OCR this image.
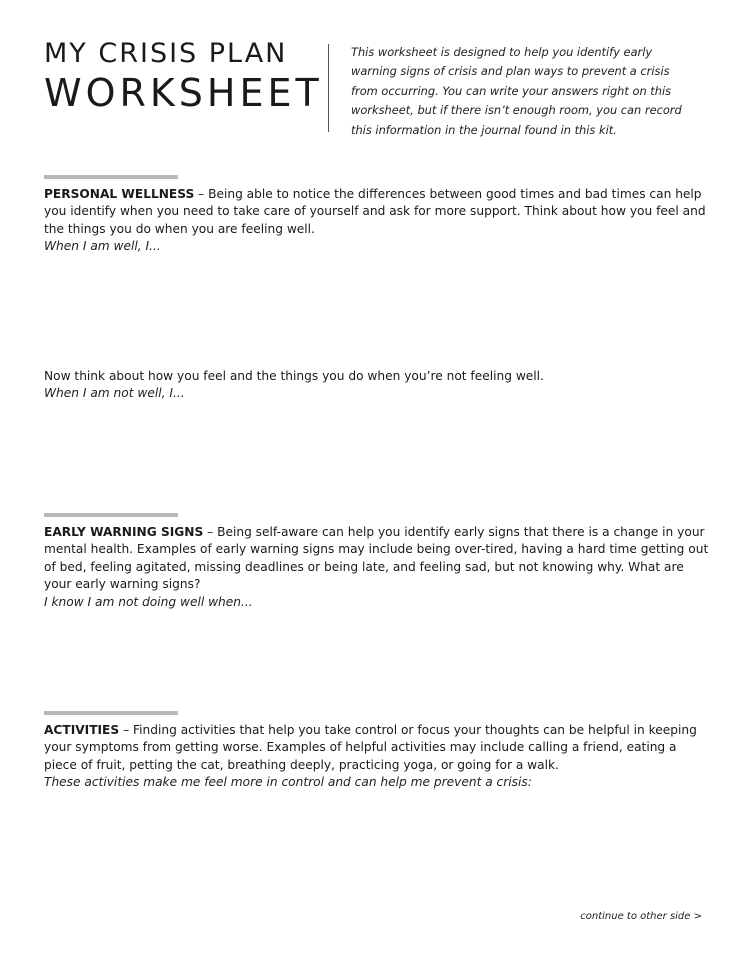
MY CRISIS PLAN
WORKSHEET
This worksheet is designed to help you identify early warning signs of crisis and plan ways to prevent a crisis from occurring. You can write your answers right on this worksheet, but if there isn’t enough room, you can record this information in the journal found in this kit.
PERSONAL WELLNESS – Being able to notice the differences between good times and bad times can help you identify when you need to take care of yourself and ask for more support. Think about how you feel and the things you do when you are feeling well.
When I am well, I...
Now think about how you feel and the things you do when you’re not feeling well.
When I am not well, I...
EARLY WARNING SIGNS – Being self-aware can help you identify early signs that there is a change in your mental health. Examples of early warning signs may include being over-tired, having a hard time getting out of bed, feeling agitated, missing deadlines or being late, and feeling sad, but not knowing why. What are your early warning signs?
I know I am not doing well when...
ACTIVITIES – Finding activities that help you take control or focus your thoughts can be helpful in keeping your symptoms from getting worse. Examples of helpful activities may include calling a friend, eating a piece of fruit, petting the cat, breathing deeply, practicing yoga, or going for a walk.
These activities make me feel more in control and can help me prevent a crisis:
continue to other side >
